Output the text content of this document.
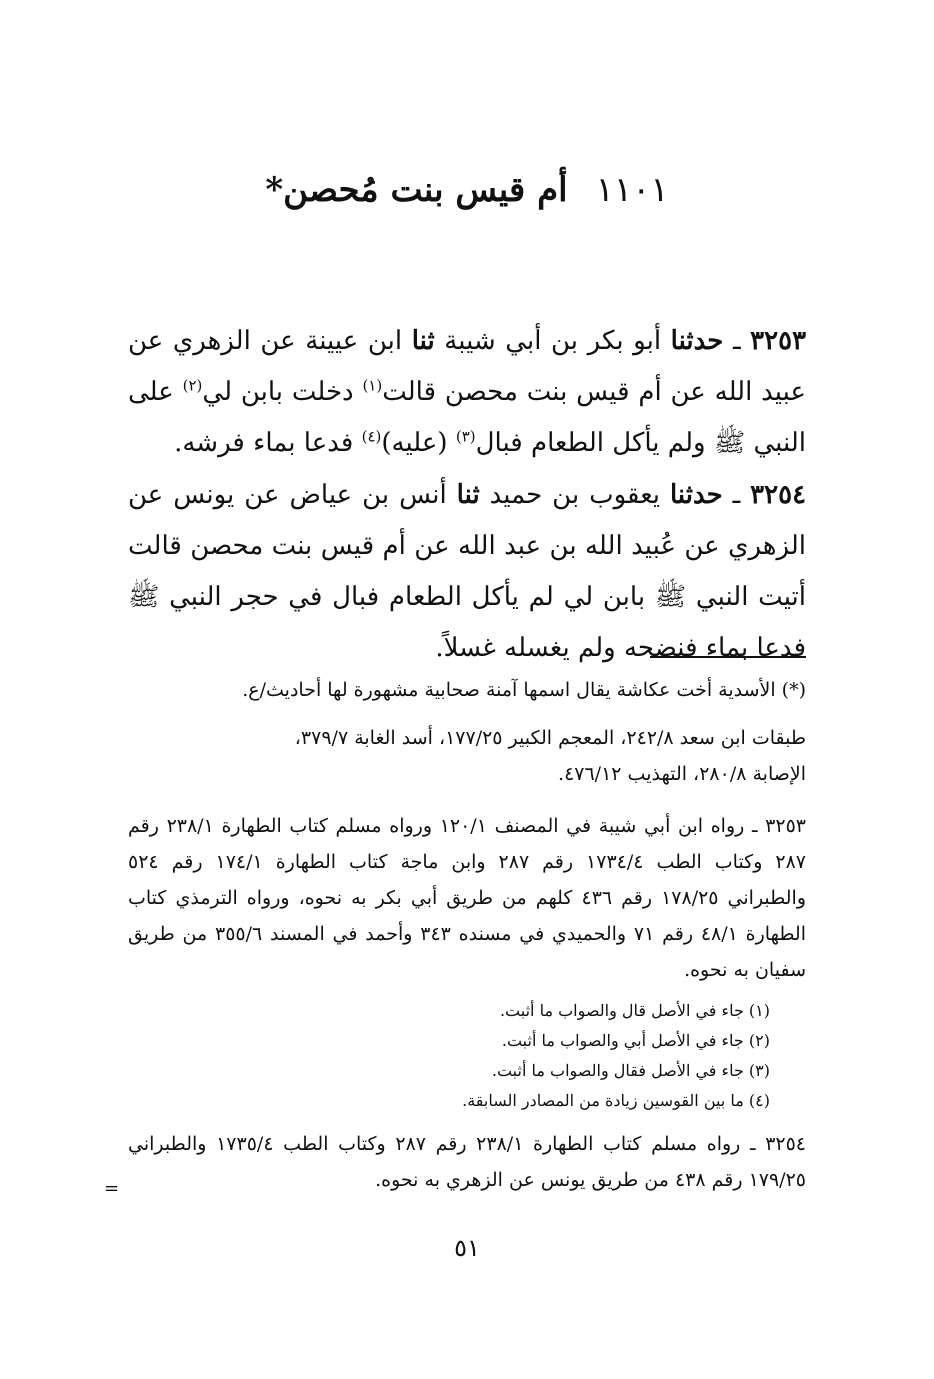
١١٠١أم قيس بنت مُحصن*
٣٢٥٣ ـ حدثنا أبو بكر بن أبي شيبة ثنا ابن عيينة عن الزهري عن عبيد الله عن أم قيس بنت محصن قالت$^{(١)}$ دخلت بابن لي$^{(٢)}$ على النبي ﷺ ولم يأكل الطعام فبال$^{(٣)}$ (عليه)$^{(٤)}$ فدعا بماء فرشه.
٣٢٥٤ ـ حدثنا يعقوب بن حميد ثنا أنس بن عياض عن يونس عن الزهري عن عُبيد الله بن عبد الله عن أم قيس بنت محصن قالت أتيت النبي ﷺ بابن لي لم يأكل الطعام فبال في حجر النبي ﷺ فدعا بماء فنضحه ولم يغسله غسلاً.
(*) الأسدية أخت عكاشة يقال اسمها آمنة صحابية مشهورة لها أحاديث/ع.
طبقات ابن سعد ٢٤٢/٨، المعجم الكبير ١٧٧/٢٥، أسد الغابة ٣٧٩/٧،
الإصابة ٢٨٠/٨، التهذيب ٤٧٦/١٢.
٣٢٥٣ ـ رواه ابن أبي شيبة في المصنف ١٢٠/١ ورواه مسلم كتاب الطهارة ٢٣٨/١ رقم ٢٨٧ وكتاب الطب ١٧٣٤/٤ رقم ٢٨٧ وابن ماجة كتاب الطهارة ١٧٤/١ رقم ٥٢٤ والطبراني ١٧٨/٢٥ رقم ٤٣٦ كلهم من طريق أبي بكر به نحوه، ورواه الترمذي كتاب الطهارة ٤٨/١ رقم ٧١ والحميدي في مسنده ٣٤٣ وأحمد في المسند ٣٥٥/٦ من طريق سفيان به نحوه.
(١) جاء في الأصل قال والصواب ما أثبت.
(٢) جاء في الأصل أبي والصواب ما أثبت.
(٣) جاء في الأصل فقال والصواب ما أثبت.
(٤) ما بين القوسين زيادة من المصادر السابقة.
٣٢٥٤ ـ رواه مسلم كتاب الطهارة ٢٣٨/١ رقم ٢٨٧ وكتاب الطب ١٧٣٥/٤ والطبراني ١٧٩/٢٥ رقم ٤٣٨ من طريق يونس عن الزهري به نحوه.
=
٥١
